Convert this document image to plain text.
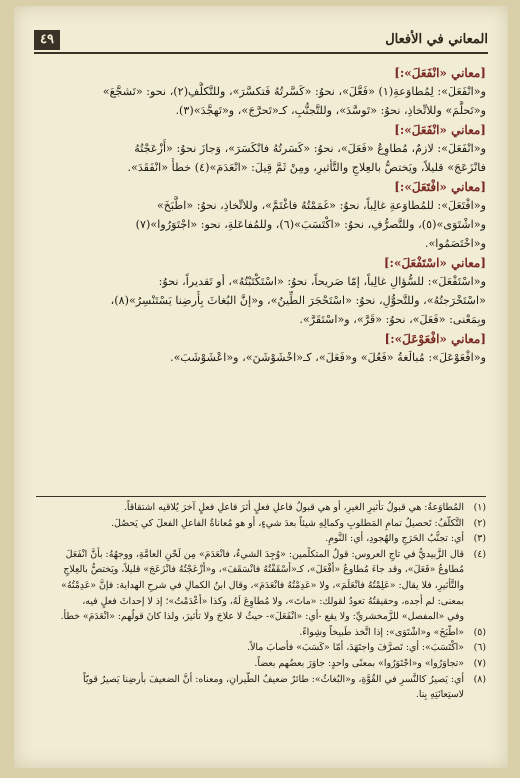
المعاني في الأفعال
٤٩
[معاني «انْفَعَلَ»:]
و«انْفَعَلَ»: لِمُطاوَعةِ(١) «فَعَّلَ»، نحوُ: «كَسَّرتُهُ فَتكسَّرَ»، وللتَّكلُّفِ(٢)، نحو: «تَشجَّعَ»
و«تَحلَّمَ» وللاتِّخاذِ، نحوُ: «تَوسَّدَ»، وللتَّجنُّبِ، كـ«تَحرَّجَ»، و«تَهجَّدَ»(٣).
[معاني «انْفَعَلَ»:]
و«انْفَعَلَ»: لازمٌ، مُطاوِعُ «فَعَلَ»، نحوُ: «كَسَرتُهُ فانْكَسَرَ»، وَجازَ نحوُ: «أَزْعَجْتُهُ
فانْزَعَجَ» قليلاً، ويَختصُّ بالعِلاجِ والتَّأثيرِ، ومِنْ ثَمَّ قِيلَ: «انْعَدَمَ»(٤) خطأٌ «انْفَقَدَ».
[معاني «افْتَعَلَ»:]
و«افْتَعَلَ»: للمُطاوَعةِ غالِباً، نحوُ: «غَمَمْتُهُ فاغْتَمَّ»، وللاتِّخاذِ، نحوُ: «اطَّبَخَ»
و«اشْتَوَى»(٥)، وللتَّصرُّفِ، نحوُ: «اكْتَسَبَ»(٦)، وللمُفاعَلةِ، نحو: «اجْتَوَرُوا»(٧)
و«اخْتَصَمُوا».
[معاني «اسْتَفْعَلَ»:]
و«اسْتَفْعَلَ»: للسُّؤالِ غالِباً، إمّا صَريحاً، نحوُ: «اسْتَكْتَبْتُهُ»، أو تَقديراً، نحوُ:
«اسْتَخْرَجتُهُ»، وللتَّحوُّلِ، نحوُ: «اسْتَحْجَرَ الطِّينُ»، و«إنَّ البُغاثَ بِأَرضِنا يَسْتَنْسِرُ»(٨)،
وبِمَعْنى: «فَعَلَ»، نحوُ: «قَرَّ»، و«اسْتَقَرَّ».
[معاني «افْعَوْعَلَ»:]
و«افْعَوْعَلَ»: مُبالَغةُ «فَعُلَ» و«فَعَلَ»، كـ«اخْشَوْشَنَ»، و«اعْشَوْشَبَ».
(١)المُطاوَعةُ: هي قبولُ تأثيرِ الغيرِ، أو هي قبولُ فاعلِ فعلٍ أثرَ فاعلِ فعلٍ آخرَ يُلاقيه اشتقاقاً.
(٢)التَّكلُّفُ: تَحصيلُ تمامِ المَطلوبِ وكمالِهِ شيئاً بعدَ شيءٍ، أو هو مُعاناةُ الفاعلِ الفعلَ كي يَحصُلَ.
(٣)أي: تجنُّبُ الحَرَجِ والهُجودِ، أي: النَّومِ.
(٤)قال الزَّبيديُّ في تاجِ العروس: قولُ المتكلِّمين: «وُجِدَ الشيءُ، فانْعَدَمَ» مِن لَحْنِ العامَّةِ، ووجهُهُ: بأنَّ انْفَعَلَ
مُطاوعُ «فَعَلَ»، وقد جاءَ مُطاوعُ «أَفْعَلَ»، كـ«أَسْقَفْتُهُ فانْسَقَفَ»، و«أَزْعَجْتُهُ فانْزَعَجَ» قليلاً، ويَختصُّ بالعِلاجِ
والتَّأثيرِ، فلا يقال: «عَلِمْتُهُ فانْعَلَمَ»، ولا «عَدِمْتُهُ فانْعَدَمَ»، وقال ابنُ الكمالِ في شرحِ الهداية: فإنَّ «عَدِمْتُهُ»
بمعنى: لم أجده، وحقيقتُهُ تعودُ لقولك: «ماتَ»، ولا مُطاوِعَ لَهُ، وكذا «أَعْدَمْتُ»؛ إذ لا إحداثَ فعلٍ فيه،
وفي «المفصل» للزَّمخشريِّ: ولا يقع -أي: «انْفَعَلَ»- حيثُ لا علاجَ ولا تأثيرَ، ولذا كانَ قولُهم: «انْعَدَمَ» خطأً.
(٥)«اطَّبَخَ» و«اشْتَوَى»: إذا اتَّخذ طَبيخاً وشِواءً.
(٦)«اكْتَسَبَ»: أي: تَصرَّفَ واجتَهَدَ، أمّا «كَسَبَ» فأصابَ مالاً.
(٧)«تجاوَرُوا» و«اجْتَوَرُوا» بمعنًى واحدٍ: جاوَرَ بعضُهم بعضاً.
(٨)أي: يَصيرُ كالنَّسرِ في القُوَّةِ، و«البُغاثُ»: طائرٌ ضعيفُ الطَّيرانِ، ومعناه: أنَّ الضعيفَ بأرضِنا يَصيرُ قويّاً
لاستِعانَتِهِ بِنا.
